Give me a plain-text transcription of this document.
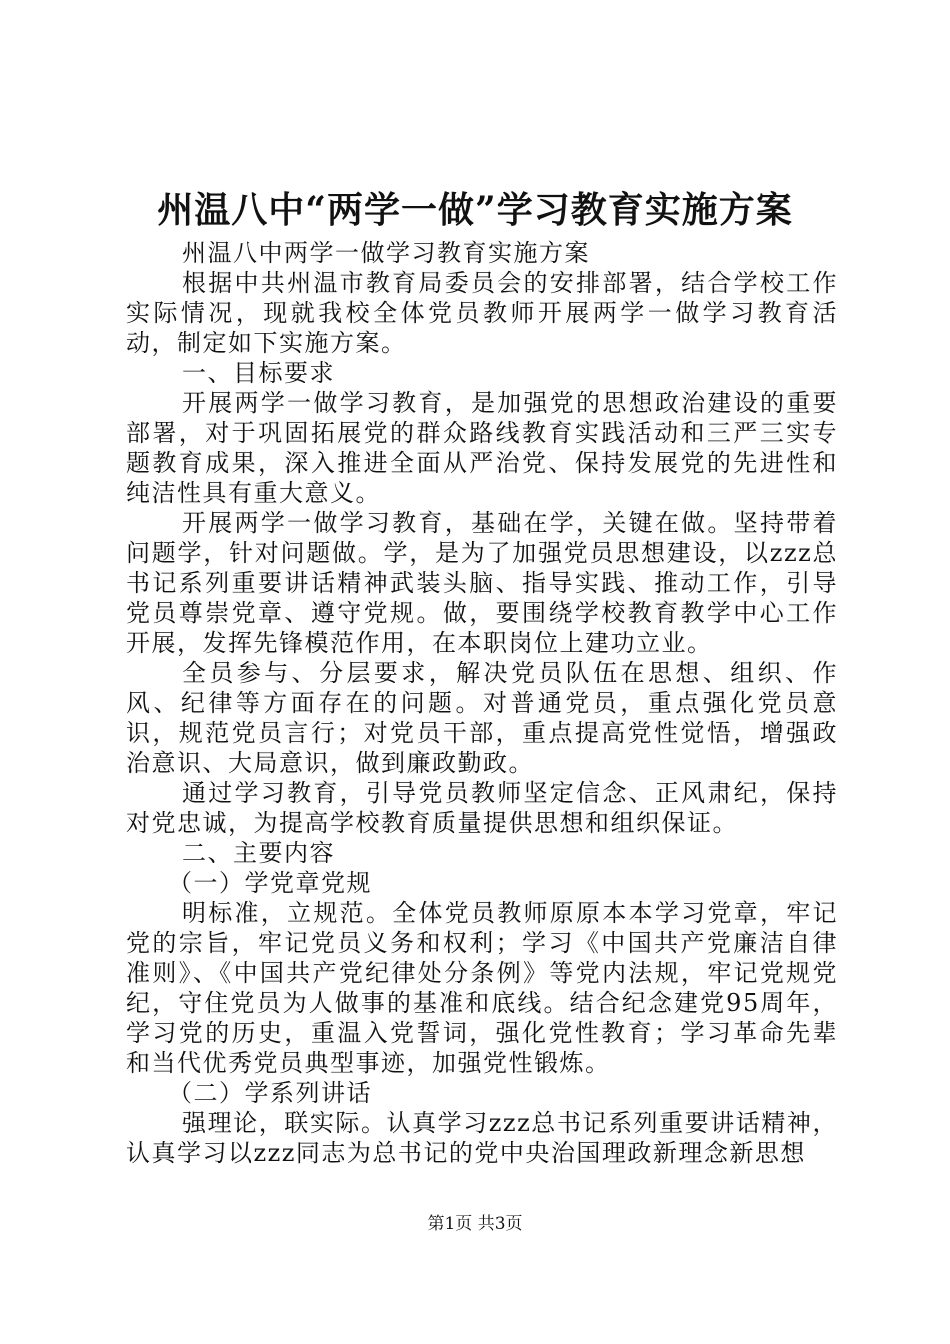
州温八中“两学一做”学习教育实施方案

州温八中两学一做学习教育实施方案

根据中共州温市教育局委员会的安排部署，结合学校工作实际情况，现就我校全体党员教师开展两学一做学习教育活动，制定如下实施方案。

一、目标要求

开展两学一做学习教育，是加强党的思想政治建设的重要部署，对于巩固拓展党的群众路线教育实践活动和三严三实专题教育成果，深入推进全面从严治党、保持发展党的先进性和纯洁性具有重大意义。

开展两学一做学习教育，基础在学，关键在做。坚持带着问题学，针对问题做。学，是为了加强党员思想建设，以zzz总书记系列重要讲话精神武装头脑、指导实践、推动工作，引导党员尊崇党章、遵守党规。做，要围绕学校教育教学中心工作开展，发挥先锋模范作用，在本职岗位上建功立业。

全员参与、分层要求，解决党员队伍在思想、组织、作风、纪律等方面存在的问题。对普通党员，重点强化党员意识，规范党员言行；对党员干部，重点提高党性觉悟，增强政治意识、大局意识，做到廉政勤政。

通过学习教育，引导党员教师坚定信念、正风肃纪，保持对党忠诚，为提高学校教育质量提供思想和组织保证。

二、主要内容

（一）学党章党规

明标准，立规范。全体党员教师原原本本学习党章，牢记党的宗旨，牢记党员义务和权利；学习《中国共产党廉洁自律准则》、《中国共产党纪律处分条例》等党内法规，牢记党规党纪，守住党员为人做事的基准和底线。结合纪念建党95周年，学习党的历史，重温入党誓词，强化党性教育；学习革命先辈和当代优秀党员典型事迹，加强党性锻炼。

（二）学系列讲话

强理论，联实际。认真学习zzz总书记系列重要讲话精神，认真学习以zzz同志为总书记的党中央治国理政新理念新思想

第1页 共3页
